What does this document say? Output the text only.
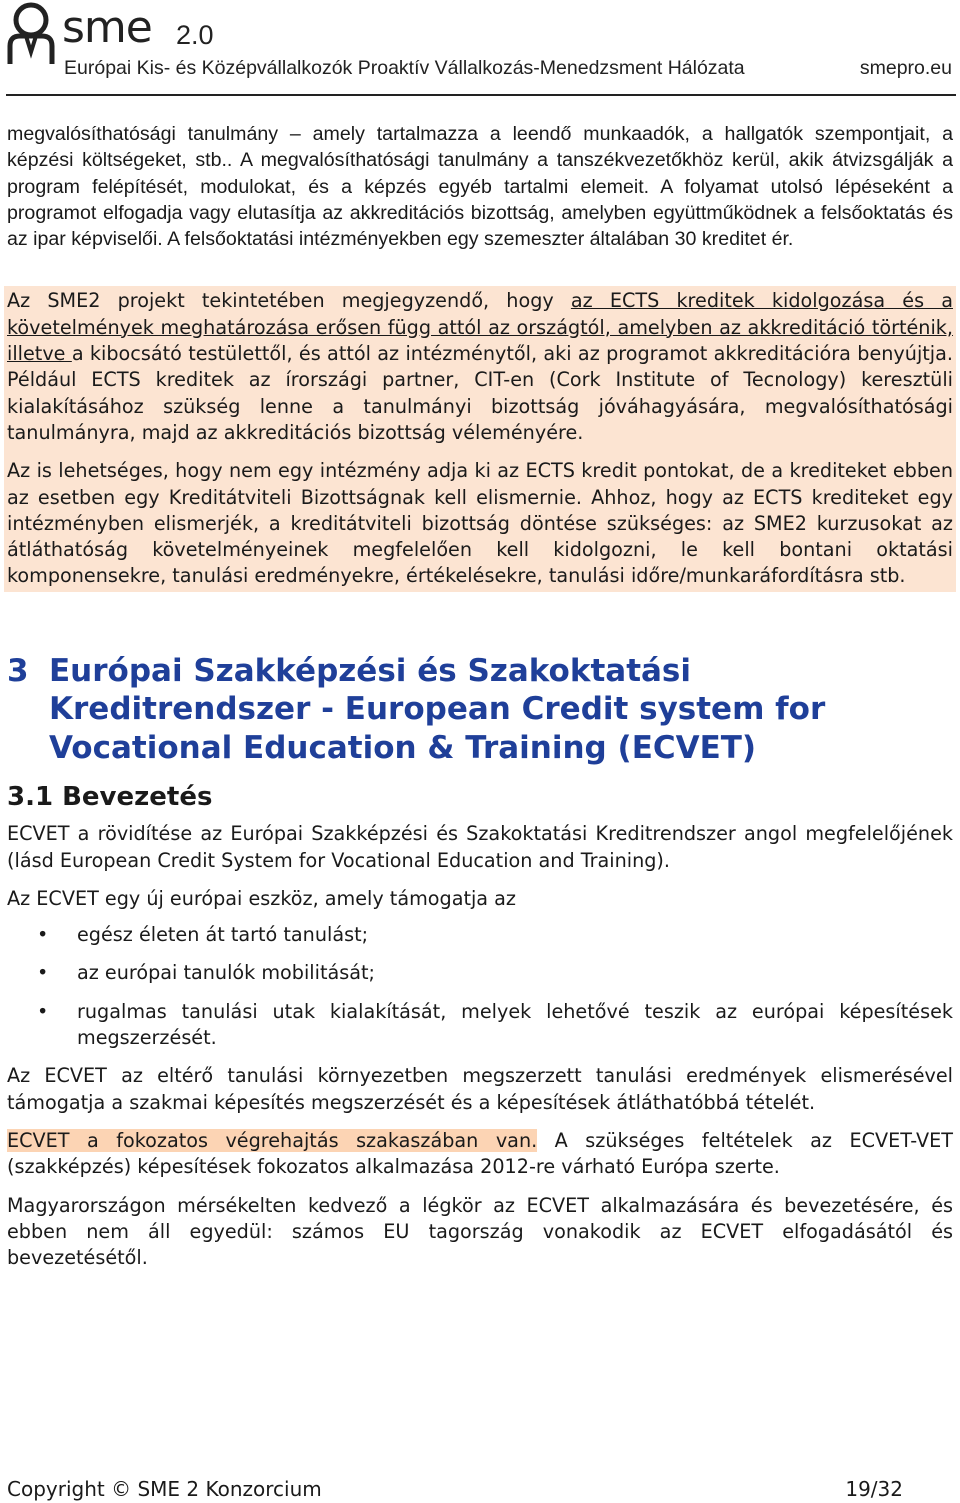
sme 2.0
Európai Kis- és Középvállalkozók Proaktív Vállalkozás-Menedzsment Hálózata	smepro.eu

megvalósíthatósági tanulmány – amely tartalmazza a leendő munkaadók, a hallgatók szempontjait, a képzési költségeket, stb.. A megvalósíthatósági tanulmány a tanszékvezetőkhöz kerül, akik átvizsgálják a program felépítését, modulokat, és a képzés egyéb tartalmi elemeit. A folyamat utolsó lépéseként a programot elfogadja vagy elutasítja az akkreditációs bizottság, amelyben együttműködnek a felsőoktatás és az ipar képviselői. A felsőoktatási intézményekben egy szemeszter általában 30 kreditet ér.

Az SME2 projekt tekintetében megjegyzendő, hogy az ECTS kreditek kidolgozása és a követelmények meghatározása erősen függ attól az országtól, amelyben az akkreditáció történik, illetve a kibocsátó testülettől, és attól az intézménytől, aki az programot akkreditációra benyújtja. Például ECTS kreditek az írországi partner, CIT-en (Cork Institute of Tecnology) keresztüli kialakításához szükség lenne a tanulmányi bizottság jóváhagyására, megvalósíthatósági tanulmányra, majd az akkreditációs bizottság véleményére.

Az is lehetséges, hogy nem egy intézmény adja ki az ECTS kredit pontokat, de a krediteket ebben az esetben egy Kreditátviteli Bizottságnak kell elismernie. Ahhoz, hogy az ECTS krediteket egy intézményben elismerjék, a kreditátviteli bizottság döntése szükséges: az SME2 kurzusokat az átláthatóság követelményeinek megfelelően kell kidolgozni, le kell bontani oktatási komponensekre, tanulási eredményekre, értékelésekre, tanulási időre/munkaráfordításra stb.

3 Európai Szakképzési és Szakoktatási Kreditrendszer - European Credit system for Vocational Education & Training (ECVET)
3.1 Bevezetés

ECVET a rövidítése az Európai Szakképzési és Szakoktatási Kreditrendszer angol megfelelőjének (lásd European Credit System for Vocational Education and Training).

Az ECVET egy új európai eszköz, amely támogatja az

• egész életen át tartó tanulást;
• az európai tanulók mobilitását;
• rugalmas tanulási utak kialakítását, melyek lehetővé teszik az európai képesítések megszerzését.

Az ECVET az eltérő tanulási környezetben megszerzett tanulási eredmények elismerésével támogatja a szakmai képesítés megszerzését és a képesítések átláthatóbbá tételét.

ECVET a fokozatos végrehajtás szakaszában van. A szükséges feltételek az ECVET-VET (szakképzés) képesítések fokozatos alkalmazása 2012-re várható Európa szerte.

Magyarországon mérsékelten kedvező a légkör az ECVET alkalmazására és bevezetésére, és ebben nem áll egyedül: számos EU tagország vonakodik az ECVET elfogadásától és bevezetésétől.

Copyright © SME 2 Konzorcium	19/32
